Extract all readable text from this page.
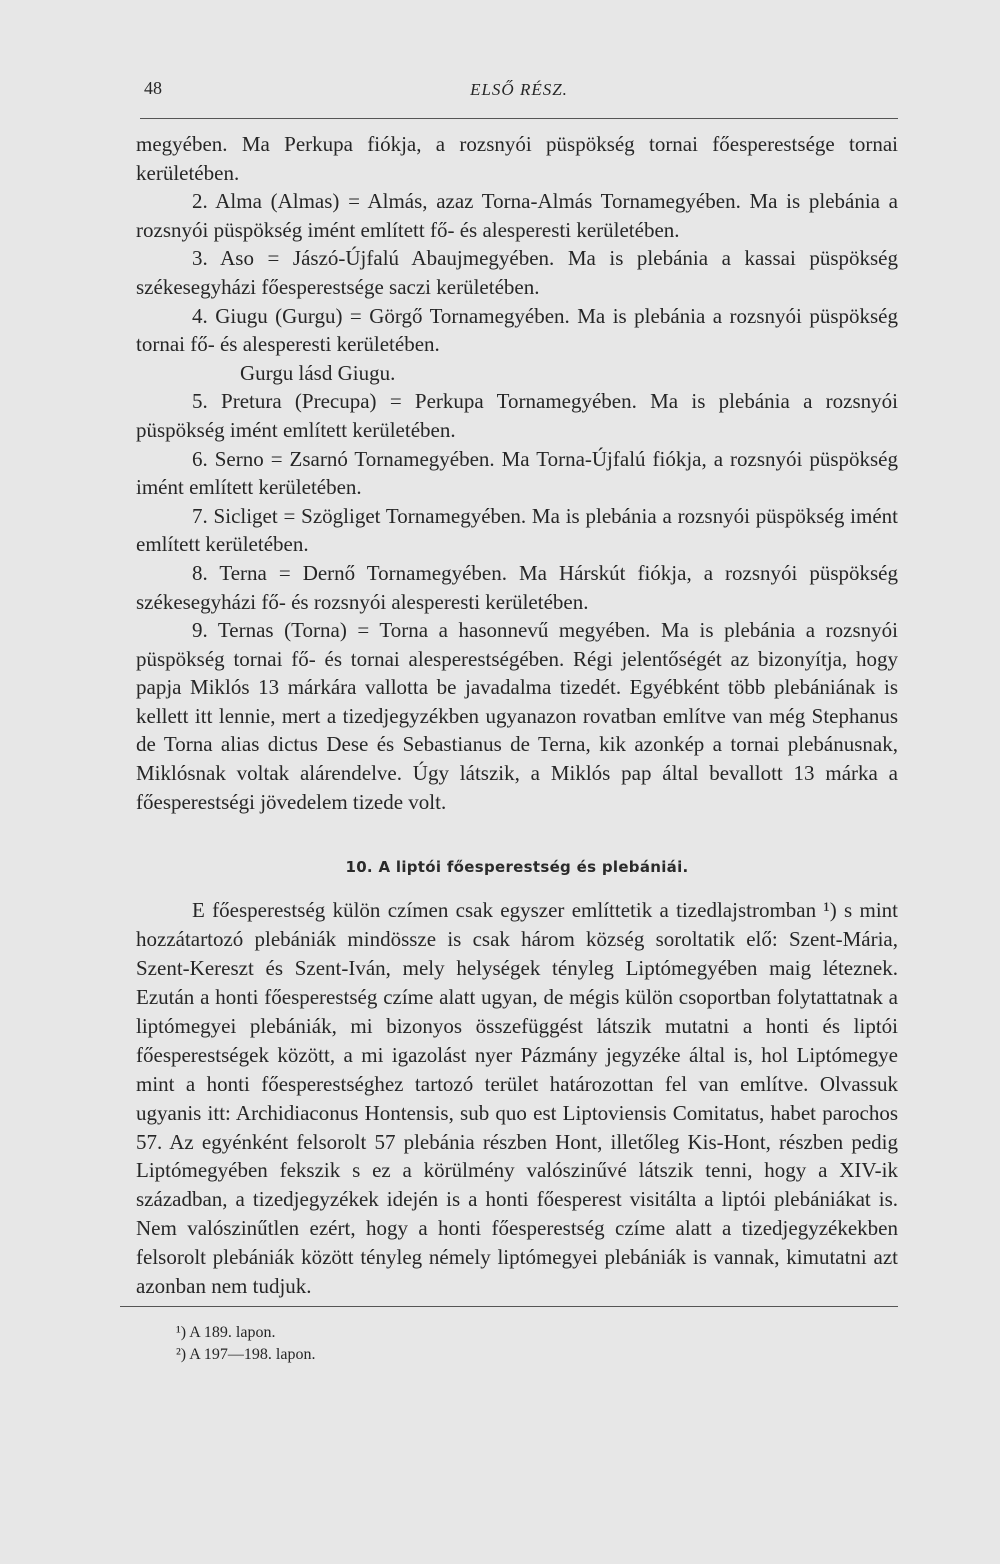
48	ELSŐ RÉSZ.

megyében. Ma Perkupa fiókja, a rozsnyói püspökség tornai főesperestsége tornai kerületében.

2. Alma (Almas) = Almás, azaz Torna-Almás Tornamegyében. Ma is plebánia a rozsnyói püspökség imént említett fő- és alesperesti kerületében.

3. Aso = Jászó-Újfalú Abaujmegyében. Ma is plebánia a kassai püspökség székesegyházi főesperestsége saczi kerületében.

4. Giugu (Gurgu) = Görgő Tornamegyében. Ma is plebánia a rozsnyói püspökség tornai fő- és alesperesti kerületében.

Gurgu lásd Giugu.

5. Pretura (Precupa) = Perkupa Tornamegyében. Ma is plebánia a rozsnyói püspökség imént említett kerületében.

6. Serno = Zsarnó Tornamegyében. Ma Torna-Újfalú fiókja, a rozsnyói püspökség imént említett kerületében.

7. Sicliget = Szögliget Tornamegyében. Ma is plebánia a rozsnyói püspökség imént említett kerületében.

8. Terna = Dernő Tornamegyében. Ma Hárskút fiókja, a rozsnyói püspökség székesegyházi fő- és rozsnyói alesperesti kerületében.

9. Ternas (Torna) = Torna a hasonnevű megyében. Ma is plebánia a rozsnyói püspökség tornai fő- és tornai alesperestségében. Régi jelentőségét az bizonyítja, hogy papja Miklós 13 márkára vallotta be javadalma tizedét. Egyébként több plebániának is kellett itt lennie, mert a tizedjegyzékben ugyanazon rovatban említve van még Stephanus de Torna alias dictus Dese és Sebastianus de Terna, kik azonkép a tornai plebánusnak, Miklósnak voltak alárendelve. Úgy látszik, a Miklós pap által bevallott 13 márka a főesperestségi jövedelem tizede volt.

10. A liptói főesperestség és plebániái.

E főesperestség külön czímen csak egyszer említtetik a tizedlajstromban ¹) s mint hozzátartozó plebániák mindössze is csak három község soroltatik elő: Szent-Mária, Szent-Kereszt és Szent-Iván, mely helységek tényleg Liptómegyében maig léteznek. Ezután a honti főesperestség czíme alatt ugyan, de mégis külön csoportban folytattatnak a liptómegyei plebániák, mi bizonyos összefüggést látszik mutatni a honti és liptói főesperestségek között, a mi igazolást nyer Pázmány jegyzéke által is, hol Liptómegye mint a honti főesperestséghez tartozó terület határozottan fel van említve. Olvassuk ugyanis itt: Archidiaconus Hontensis, sub quo est Liptoviensis Comitatus, habet parochos 57. Az egyénként felsorolt 57 plebánia részben Hont, illetőleg Kis-Hont, részben pedig Liptómegyében fekszik s ez a körülmény valószinűvé látszik tenni, hogy a XIV-ik században, a tizedjegyzékek idején is a honti főesperest visitálta a liptói plebániákat is. Nem valószinűtlen ezért, hogy a honti főesperestség czíme alatt a tizedjegyzékekben felsorolt plebániák között tényleg némely liptómegyei plebániák is vannak, kimutatni azt azonban nem tudjuk.

¹) A 189. lapon.
²) A 197—198. lapon.
